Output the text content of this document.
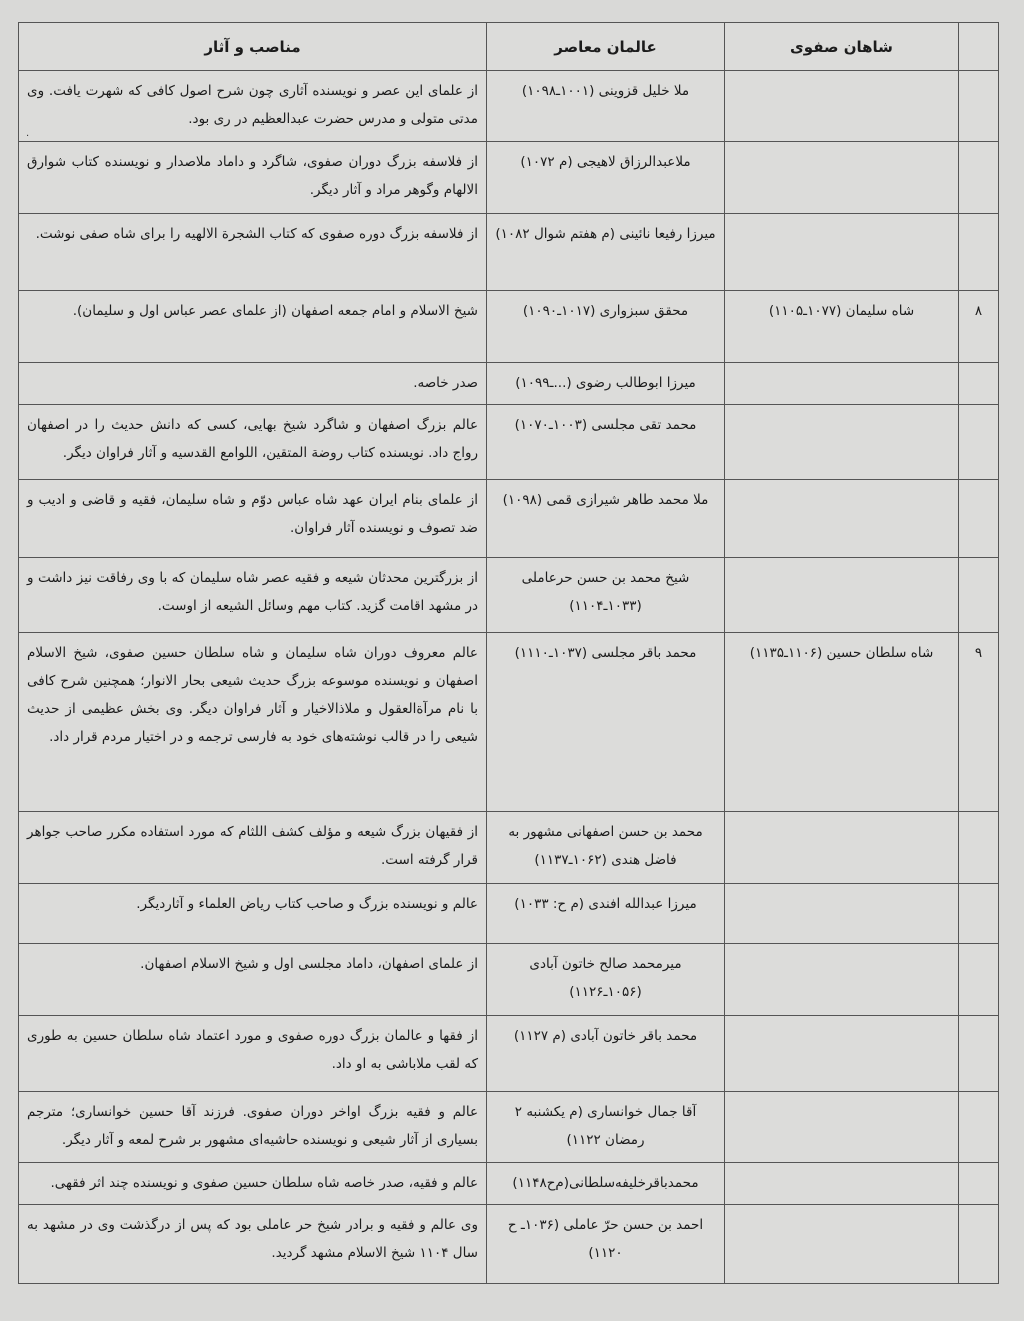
	شاهان صفوی	عالمان معاصر	مناصب و آثار
		ملا خلیل قزوینی (۱۰۰۱ـ۱۰۹۸)	از علمای این عصر و نویسنده آثاری چون شرح اصول کافی که شهرت یافت. وی مدتی متولی و مدرس حضرت عبدالعظیم در ری بود.
		ملاعبدالرزاق لاهیجی (م ۱۰۷۲)	از فلاسفه بزرگ دوران صفوی، شاگرد و داماد ملاصدار و نویسنده کتاب شوارق الالهام وگوهر مراد و آثار دیگر.
		میرزا رفیعا نائینی (م هفتم شوال ۱۰۸۲)	از فلاسفه بزرگ دوره صفوی که کتاب الشجرة الالهیه را برای شاه صفی نوشت.
۸	شاه سلیمان (۱۰۷۷ـ۱۱۰۵)	محقق سبزواری (۱۰۱۷ـ۱۰۹۰)	شیخ الاسلام و امام جمعه اصفهان (از علمای عصر عباس اول و سلیمان).
		میرزا ابوطالب رضوی (...ـ۱۰۹۹)	صدر خاصه.
		محمد تقی مجلسی (۱۰۰۳ـ۱۰۷۰)	عالم بزرگ اصفهان و شاگرد شیخ بهایی، کسی که دانش حدیث را در اصفهان رواج داد. نویسنده کتاب روضة المتقین، اللوامع القدسیه و آثار فراوان دیگر.
		ملا محمد طاهر شیرازی قمی (۱۰۹۸)	از علمای بنام ایران عهد شاه عباس دوّم و شاه سلیمان، فقیه و قاضی و ادیب و ضد تصوف و نویسنده آثار فراوان.
		شیخ محمد بن حسن حرعاملی (۱۰۳۳ـ۱۱۰۴)	از بزرگترین محدثان شیعه و فقیه عصر شاه سلیمان که با وی رفاقت نیز داشت و در مشهد اقامت گزید. کتاب مهم وسائل الشیعه از اوست.
۹	شاه سلطان حسین (۱۱۰۶ـ۱۱۳۵)	محمد باقر مجلسی (۱۰۳۷ـ۱۱۱۰)	عالم معروف دوران شاه سلیمان و شاه سلطان حسین صفوی، شیخ الاسلام اصفهان و نویسنده موسوعه بزرگ حدیث شیعی بحار الانوار؛ همچنین شرح کافی با نام مرآةالعقول و ملاذالاخیار و آثار فراوان دیگر. وی بخش عظیمی از حدیث شیعی را در قالب نوشته‌های خود به فارسی ترجمه و در اختیار مردم قرار داد.
		محمد بن حسن اصفهانی مشهور به فاضل هندی (۱۰۶۲ـ۱۱۳۷)	از فقیهان بزرگ شیعه و مؤلف کشف اللثام که مورد استفاده مکرر صاحب جواهر قرار گرفته است.
		میرزا عبدالله افندی (م ح: ۱۰۳۳)	عالم و نویسنده بزرگ و صاحب کتاب ریاض العلماء و آثاردیگر.
		میرمحمد صالح خاتون آبادی (۱۰۵۶ـ۱۱۲۶)	از علمای اصفهان، داماد مجلسی اول و شیخ الاسلام اصفهان.
		محمد باقر خاتون آبادی (م ۱۱۲۷)	از فقها و عالمان بزرگ دوره صفوی و مورد اعتماد شاه سلطان حسین به طوری که لقب ملاباشی به او داد.
		آقا جمال خوانساری (م یکشنبه ۲ رمضان ۱۱۲۲)	عالم و فقیه بزرگ اواخر دوران صفوی. فرزند آقا حسین خوانساری؛ مترجم بسیاری از آثار شیعی و نویسنده حاشیه‌ای مشهور بر شرح لمعه و آثار دیگر.
		محمدباقرخلیفه‌سلطانی(م‌ح۱۱۴۸)	عالم و فقیه، صدر خاصه شاه سلطان حسین صفوی و نویسنده چند اثر فقهی.
		احمد بن حسن حرّ عاملی (۱۰۳۶ـ ح ۱۱۲۰)	وی عالم و فقیه و برادر شیخ حر عاملی بود که پس از درگذشت وی در مشهد به سال ۱۱۰۴ شیخ الاسلام مشهد گردید.
.
